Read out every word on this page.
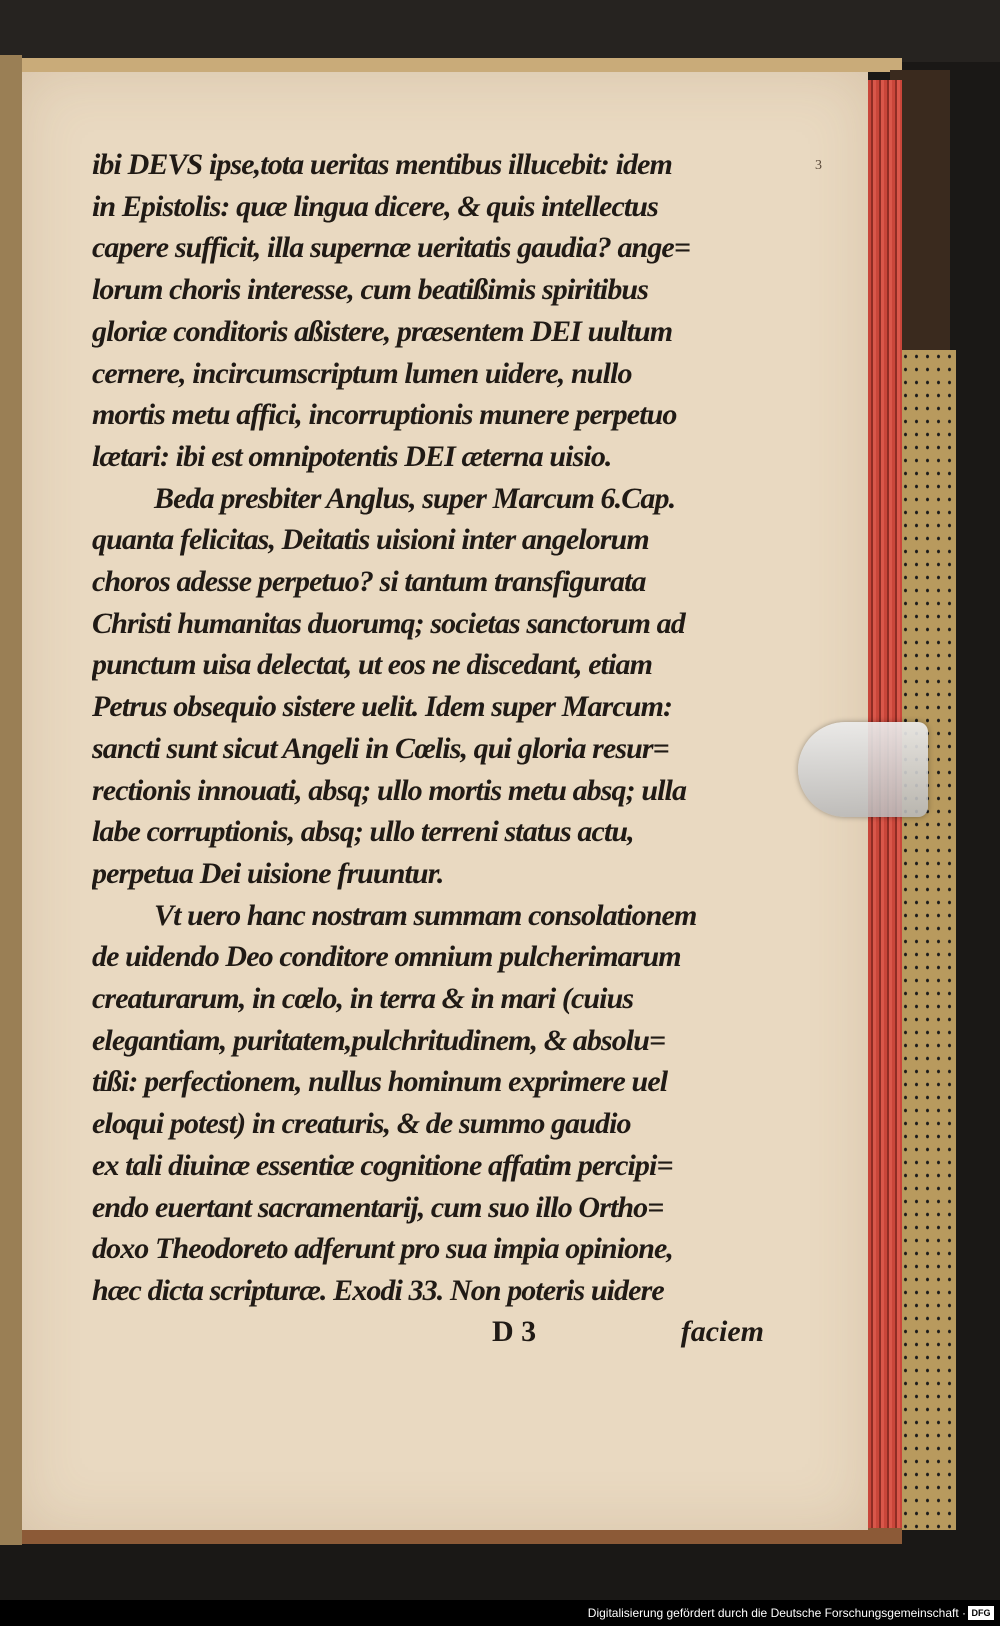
3
ibi DEVS ipse,tota ueritas mentibus illucebit: idem
in Epistolis: quæ lingua dicere, & quis intellectus
capere sufficit, illa supernæ ueritatis gaudia? ange=
lorum choris interesse, cum beatißimis spiritibus
gloriæ conditoris aßistere, præsentem DEI uultum
cernere, incircumscriptum lumen uidere, nullo
mortis metu affici, incorruptionis munere perpetuo
lætari: ibi est omnipotentis DEI æterna uisio.
Beda presbiter Anglus, super Marcum 6.Cap.
quanta felicitas, Deitatis uisioni inter angelorum
choros adesse perpetuo? si tantum transfigurata
Christi humanitas duorumq; societas sanctorum ad
punctum uisa delectat, ut eos ne discedant, etiam
Petrus obsequio sistere uelit. Idem super Marcum:
sancti sunt sicut Angeli in Cœlis, qui gloria resur=
rectionis innouati, absq; ullo mortis metu absq; ulla
labe corruptionis, absq; ullo terreni status actu,
perpetua Dei uisione fruuntur.
Vt uero hanc nostram summam consolationem
de uidendo Deo conditore omnium pulcherimarum
creaturarum, in cœlo, in terra & in mari (cuius
elegantiam, puritatem,pulchritudinem, & absolu=
tißi: perfectionem, nullus hominum exprimere uel
eloqui potest) in creaturis, & de summo gaudio
ex tali diuinæ essentiæ cognitione affatim percipi=
endo euertant sacramentarij, cum suo illo Ortho=
doxo Theodoreto adferunt pro sua impia opinione,
hæc dicta scripturæ. Exodi 33. Non poteris uidere
D 3	faciem
Digitalisierung gefördert durch die Deutsche Forschungsgemeinschaft · DFG
